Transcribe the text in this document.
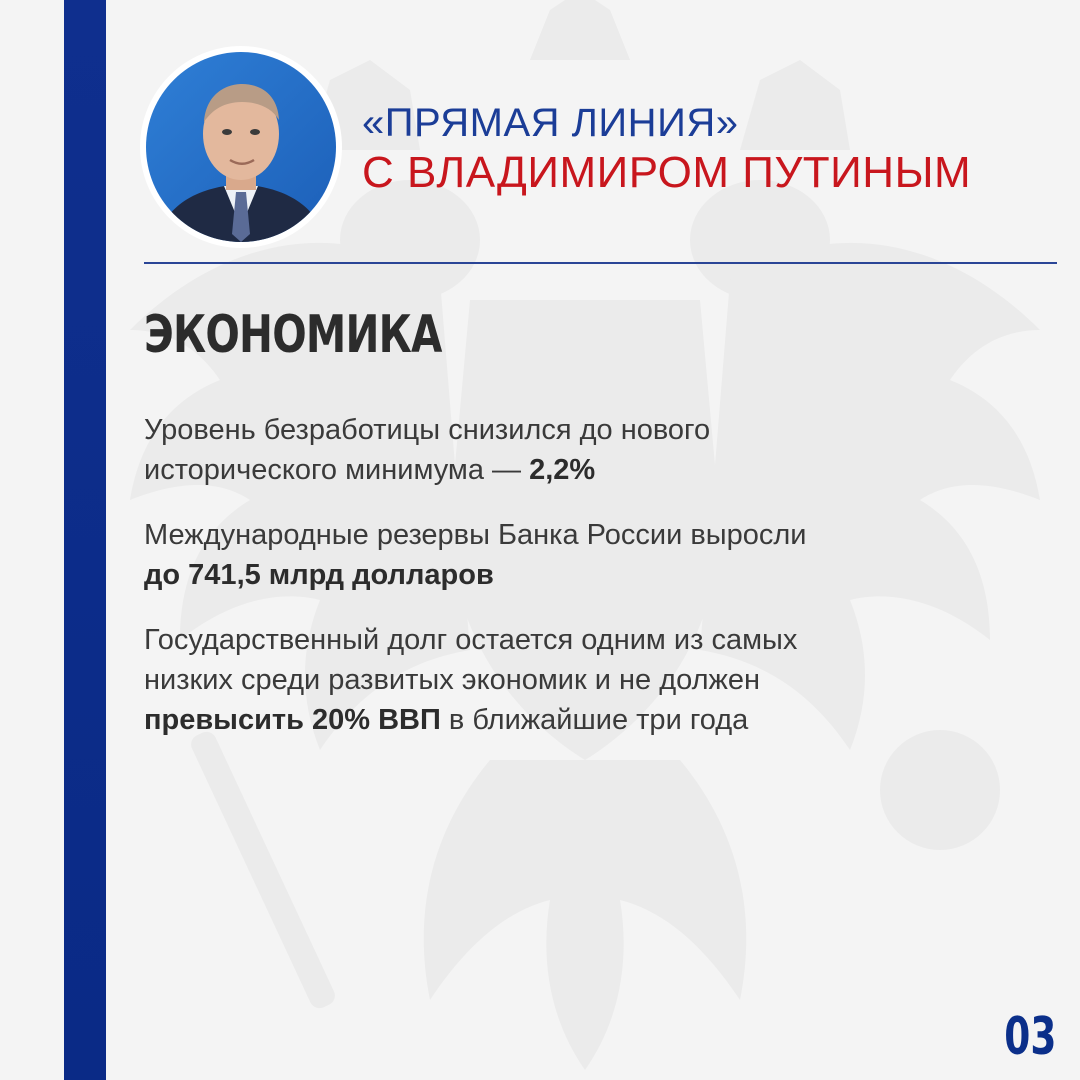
«ПРЯМАЯ ЛИНИЯ»
С ВЛАДИМИРОМ ПУТИНЫМ
ЭКОНОМИКА

Уровень безработицы снизился до нового
исторического минимума — 2,2%

Международные резервы Банка России выросли
до 741,5 млрд долларов

Государственный долг остается одним из самых
низких среди развитых экономик и не должен
превысить 20% ВВП в ближайшие три года

03
